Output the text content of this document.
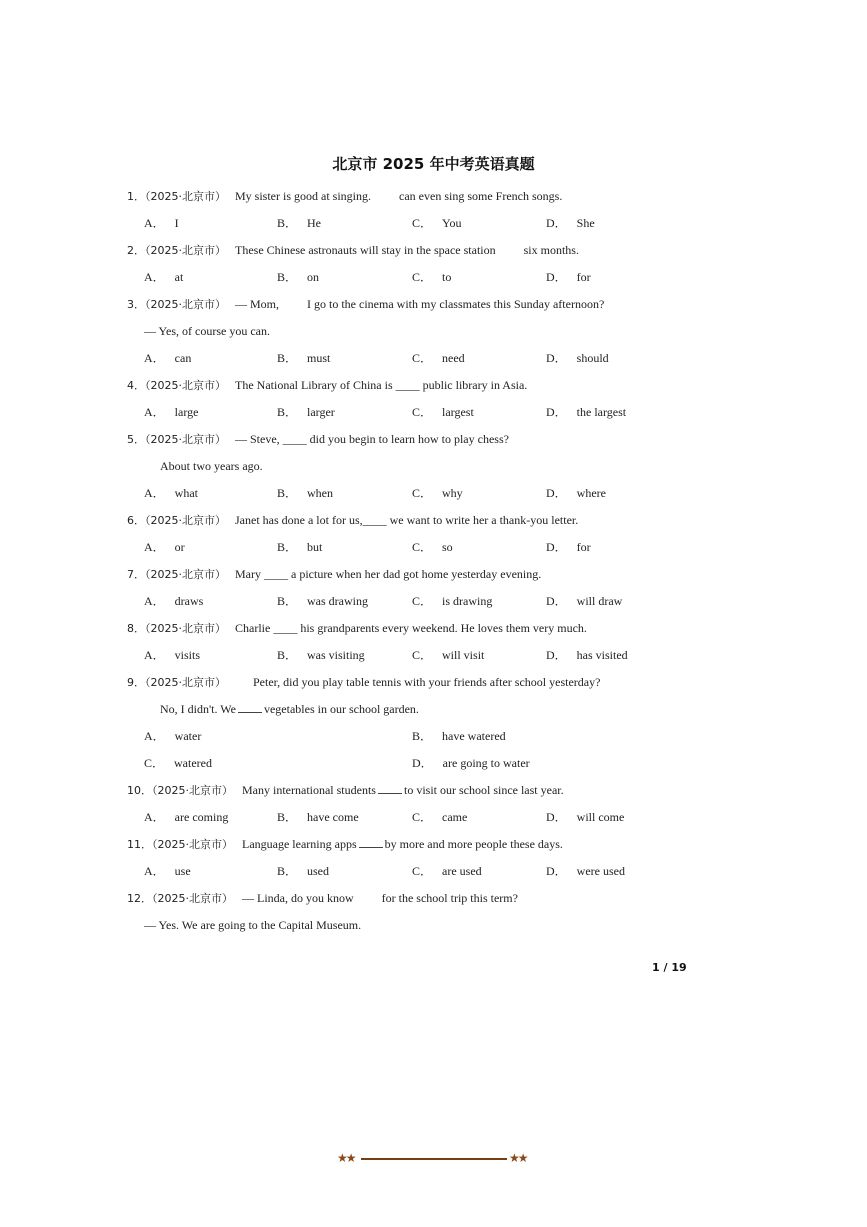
北京市 2025 年中考英语真题
1．（2025·北京市） My sister is good at singing. can even sing some French songs.
A． I	B． He	C． You	D． She
2．（2025·北京市） These Chinese astronauts will stay in the space station six months.
A． at	B． on	C． to	D． for
3．（2025·北京市） — Mom, I go to the cinema with my classmates this Sunday afternoon?
— Yes, of course you can.
A． can	B． must	C． need	D． should
4．（2025·北京市） The National Library of China is ____ public library in Asia.
A． large	B． larger	C． largest	D． the largest
5．（2025·北京市） — Steve, ____ did you begin to learn how to play chess?
About two years ago.
A． what	B． when	C． why	D． where
6．（2025·北京市） Janet has done a lot for us,____ we want to write her a thank-you letter.
A． or	B． but	C． so	D． for
7．（2025·北京市） Mary ____ a picture when her dad got home yesterday evening.
A． draws	B． was drawing	C． is drawing	D． will draw
8．（2025·北京市） Charlie ____ his grandparents every weekend. He loves them very much.
A． visits	B． was visiting	C． will visit	D． has visited
9．（2025·北京市） Peter, did you play table tennis with your friends after school yesterday?
No, I didn't. We vegetables in our school garden.
A． water	B． have watered
C． watered	D． are going to water
10．（2025·北京市） Many international students to visit our school since last year.
A． are coming	B． have come	C． came	D． will come
11．（2025·北京市） Language learning apps by more and more people these days.
A． use	B． used	C． are used	D． were used
12．（2025·北京市） — Linda, do you know for the school trip this term?
— Yes. We are going to the Capital Museum.
1 / 19
★★	★★
